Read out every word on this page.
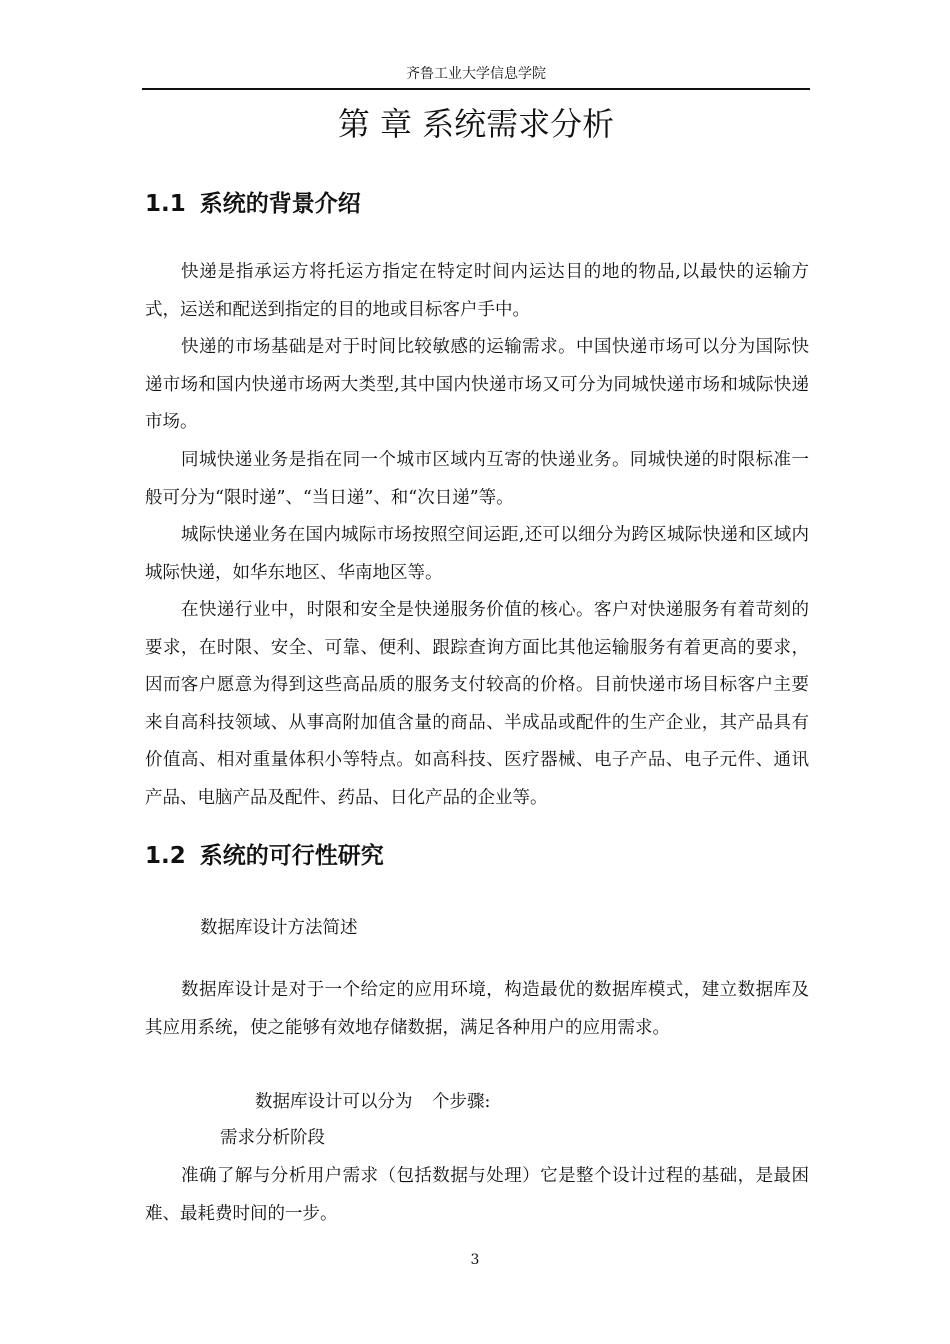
齐鲁工业大学信息学院
第 章 系统需求分析
1.1 系统的背景介绍

快递是指承运方将托运方指定在特定时间内运达目的地的物品,以最快的运输方式，运送和配送到指定的目的地或目标客户手中。

快递的市场基础是对于时间比较敏感的运输需求。中国快递市场可以分为国际快递市场和国内快递市场两大类型,其中国内快递市场又可分为同城快递市场和城际快递市场。

同城快递业务是指在同一个城市区域内互寄的快递业务。同城快递的时限标准一般可分为“限时递”、“当日递”、和“次日递”等。

城际快递业务在国内城际市场按照空间运距,还可以细分为跨区城际快递和区域内城际快递，如华东地区、华南地区等。

在快递行业中，时限和安全是快递服务价值的核心。客户对快递服务有着苛刻的要求，在时限、安全、可靠、便利、跟踪查询方面比其他运输服务有着更高的要求，因而客户愿意为得到这些高品质的服务支付较高的价格。目前快递市场目标客户主要来自高科技领域、从事高附加值含量的商品、半成品或配件的生产企业，其产品具有价值高、相对重量体积小等特点。如高科技、医疗器械、电子产品、电子元件、通讯产品、电脑产品及配件、药品、日化产品的企业等。

1.2 系统的可行性研究

数据库设计方法简述

数据库设计是对于一个给定的应用环境，构造最优的数据库模式，建立数据库及其应用系统，使之能够有效地存储数据，满足各种用户的应用需求。

数据库设计可以分为 个步骤:

需求分析阶段

准确了解与分析用户需求（包括数据与处理）它是整个设计过程的基础，是最困难、最耗费时间的一步。

3
